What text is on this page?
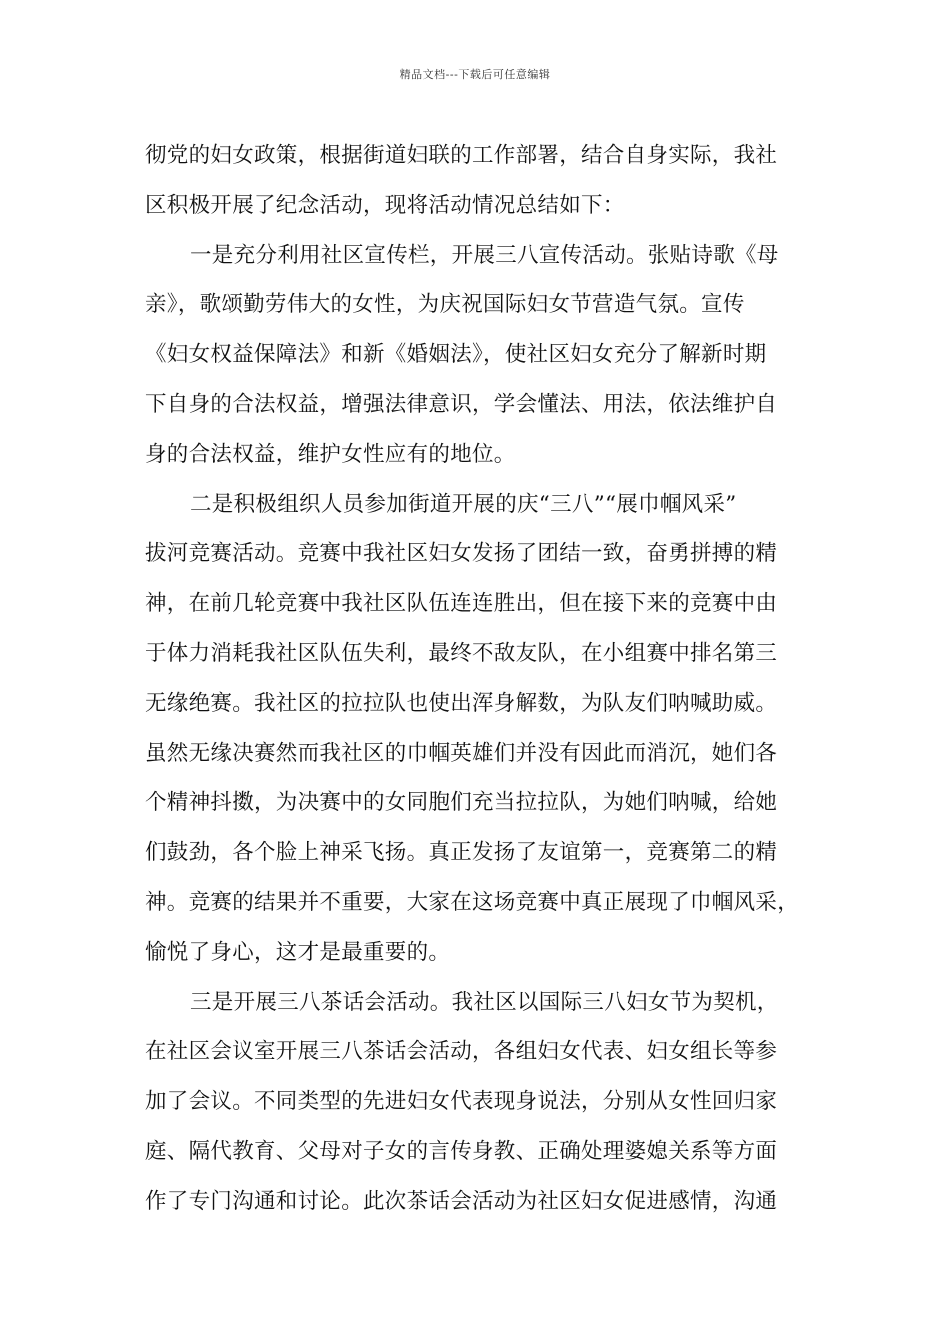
精品文档---下载后可任意编辑
彻党的妇女政策，根据街道妇联的工作部署，结合自身实际，我社
区积极开展了纪念活动，现将活动情况总结如下：
一是充分利用社区宣传栏，开展三八宣传活动。张贴诗歌《母
亲》，歌颂勤劳伟大的女性，为庆祝国际妇女节营造气氛。宣传
《妇女权益保障法》和新《婚姻法》，使社区妇女充分了解新时期
下自身的合法权益，增强法律意识，学会懂法、用法，依法维护自
身的合法权益，维护女性应有的地位。
二是积极组织人员参加街道开展的庆“三八”“展巾帼风采”
拔河竞赛活动。竞赛中我社区妇女发扬了团结一致，奋勇拼搏的精
神，在前几轮竞赛中我社区队伍连连胜出，但在接下来的竞赛中由
于体力消耗我社区队伍失利，最终不敌友队，在小组赛中排名第三
无缘绝赛。我社区的拉拉队也使出浑身解数，为队友们呐喊助威。
虽然无缘决赛然而我社区的巾帼英雄们并没有因此而消沉，她们各
个精神抖擞，为决赛中的女同胞们充当拉拉队，为她们呐喊，给她
们鼓劲，各个脸上神采飞扬。真正发扬了友谊第一，竞赛第二的精
神。竞赛的结果并不重要，大家在这场竞赛中真正展现了巾帼风采，
愉悦了身心，这才是最重要的。
三是开展三八茶话会活动。我社区以国际三八妇女节为契机，
在社区会议室开展三八茶话会活动，各组妇女代表、妇女组长等参
加了会议。不同类型的先进妇女代表现身说法，分别从女性回归家
庭、隔代教育、父母对子女的言传身教、正确处理婆媳关系等方面
作了专门沟通和讨论。此次茶话会活动为社区妇女促进感情，沟通
